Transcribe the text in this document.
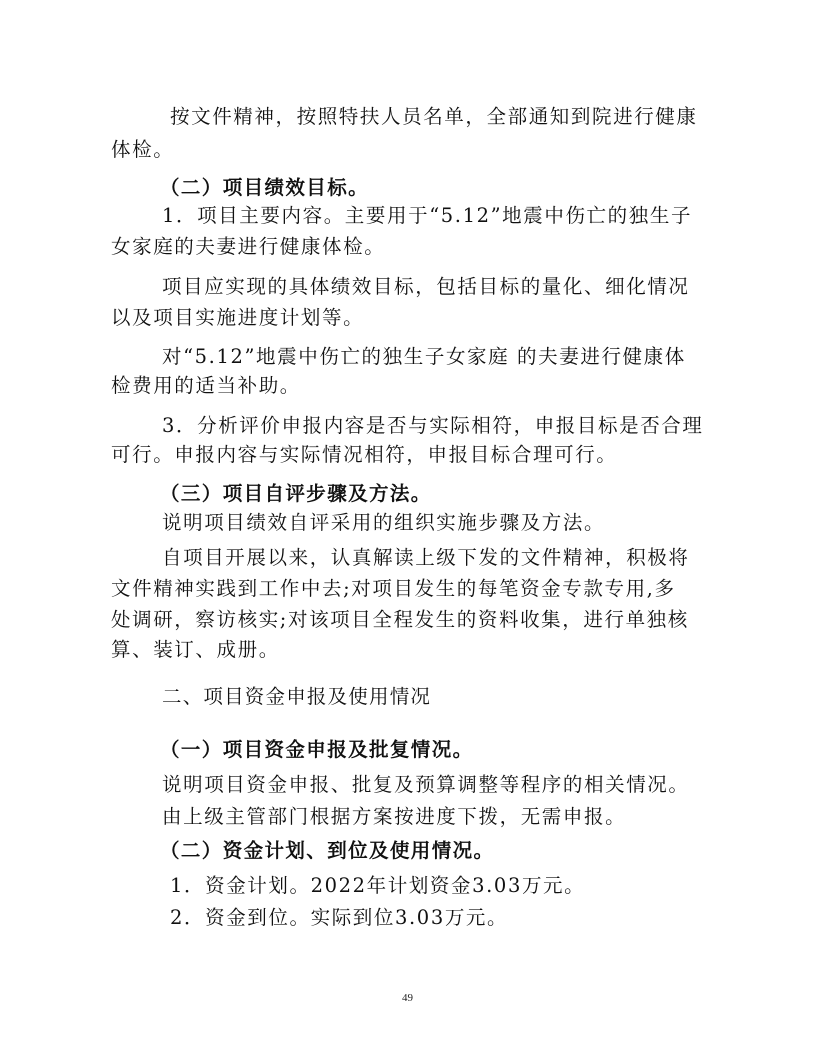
按文件精神，按照特扶人员名单，全部通知到院进行健康
体检。
（二）项目绩效目标。
1．项目主要内容。主要用于“5.12”地震中伤亡的独生子
女家庭的夫妻进行健康体检。
项目应实现的具体绩效目标，包括目标的量化、细化情况
以及项目实施进度计划等。
对“5.12”地震中伤亡的独生子女家庭 的夫妻进行健康体
检费用的适当补助。
3．分析评价申报内容是否与实际相符，申报目标是否合理
可行。申报内容与实际情况相符，申报目标合理可行。
（三）项目自评步骤及方法。
说明项目绩效自评采用的组织实施步骤及方法。
自项目开展以来，认真解读上级下发的文件精神，积极将
文件精神实践到工作中去;对项目发生的每笔资金专款专用,多
处调研，察访核实;对该项目全程发生的资料收集，进行单独核
算、装订、成册。
二、项目资金申报及使用情况
（一）项目资金申报及批复情况。
说明项目资金申报、批复及预算调整等程序的相关情况。
由上级主管部门根据方案按进度下拨，无需申报。
（二）资金计划、到位及使用情况。
1．资金计划。2022年计划资金3.03万元。
2．资金到位。实际到位3.03万元。
49
